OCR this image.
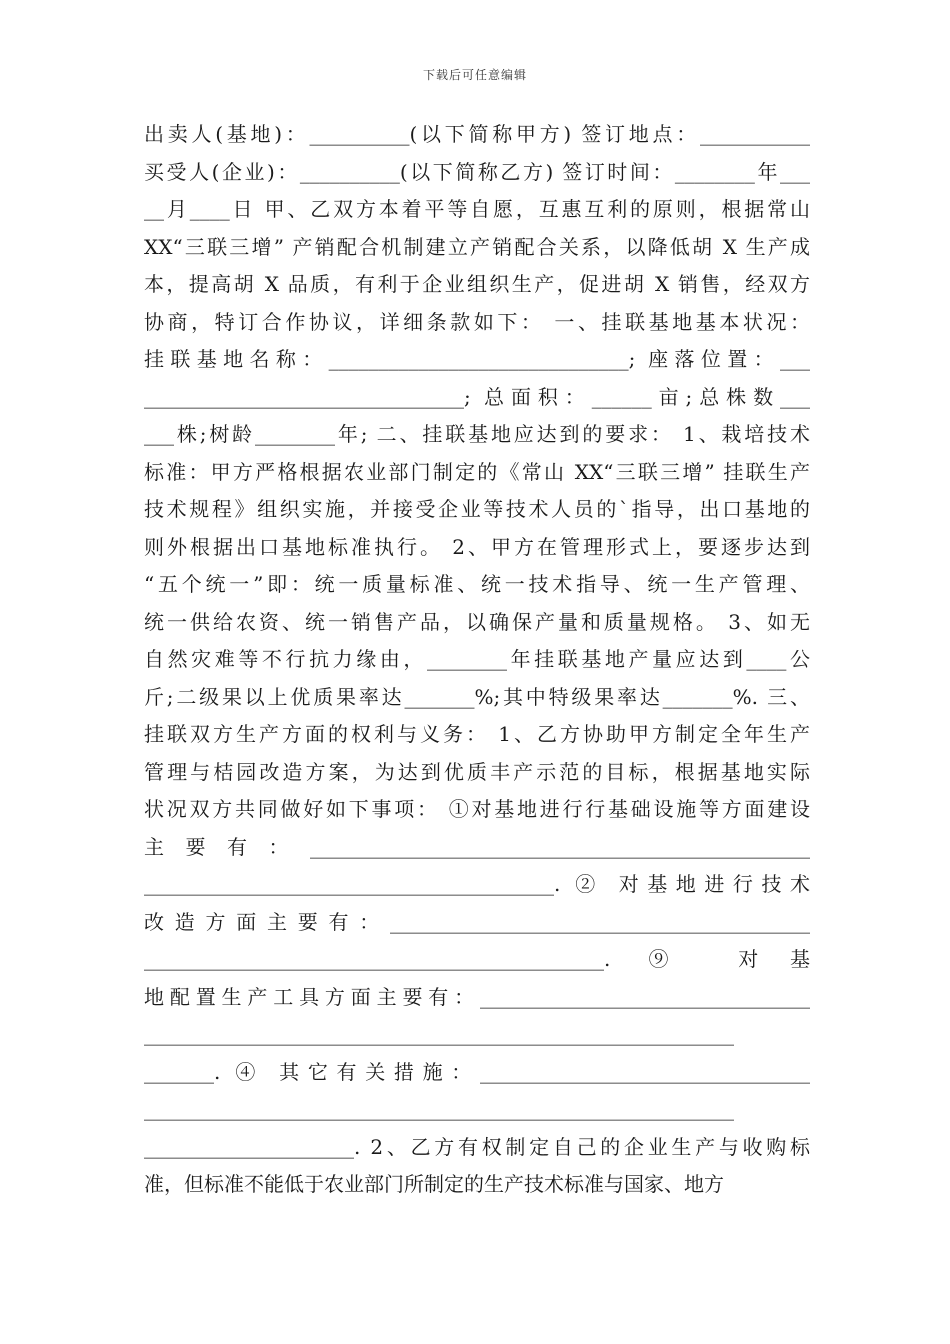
下载后可任意编辑
出卖人(基地)：__________(以下简称甲方) 签订地点：___________
买受人(企业)：__________(以下简称乙方) 签订时间：________年___
__月____日 甲、乙双方本着平等自愿，互惠互利的原则，根据常山
XX“三联三增” 产销配合机制建立产销配合关系，以降低胡 X 生产成
本，提高胡 X 品质，有利于企业组织生产，促进胡 X 销售，经双方
协商，特订合作协议，详细条款如下： 一、挂联基地基本状况：
挂联基地名称：______________________________; 座落位置：___
________________________________; 总面积：______亩;总株数___
___株;树龄________年; 二、挂联基地应达到的要求： 1、栽培技术
标准：甲方严格根据农业部门制定的《常山 XX“三联三增” 挂联生产
技术规程》组织实施，并接受企业等技术人员的`指导，出口基地的
则外根据出口基地标准执行。 2、甲方在管理形式上，要逐步达到
“五个统一”即：统一质量标准、统一技术指导、统一生产管理、
统一供给农资、统一销售产品，以确保产量和质量规格。 3、如无
自然灾难等不行抗力缘由，________年挂联基地产量应达到____公
斤;二级果以上优质果率达_______%;其中特级果率达_______%. 三、
挂联双方生产方面的权利与义务： 1、乙方协助甲方制定全年生产
管理与桔园改造方案，为达到优质丰产示范的目标，根据基地实际
状况双方共同做好如下事项： ①对基地进行行基础设施等方面建设
主要有：__________________________________________________
_________________________________________. ② 对基地进行技术
改造方面主要有：__________________________________________
______________________________________________. ⑨ 对基
地配置生产工具方面主要有：_________________________________
___________________________________________________________
_______. ④ 其它有关措施：_________________________________
___________________________________________________________
_____________________. 2、乙方有权制定自己的企业生产与收购标
准，但标准不能低于农业部门所制定的生产技术标准与国家、地方
